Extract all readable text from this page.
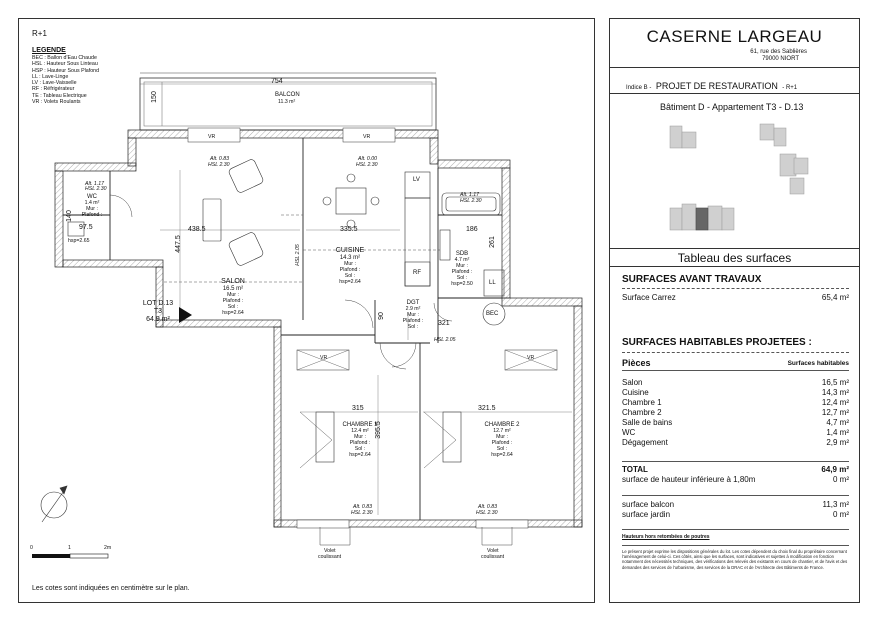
R+1
LEGENDE
BEC : Ballon d'Eau Chaude
HSL : Hauteur Sous Linteau
HSP : Hauteur Sous Plafond
LL : Lave-Linge
LV : Lave-Vaisselle
RF : Réfrigérateur
TE : Tableau Electrique
VR : Volets Roulants
754
150	BALCON
11.3 m²
VR	VR
VR	VR
Alt. 0.83
HSL 2.30
Alt. 0.00
HSL 2.30
Alt. 1.17
HSL 2.30
Alt. 1.17
HSL 2.30
Alt. 0.83
HSL 2.30
Alt. 0.83
HSL 2.30
Volet
coulissant
Volet
coulissant
HSL 2.05
HSL 2.05
438.5
447.5
335.5	186
261
97.5
140
321
90
315
395.5
321.5
SALON
16.5 m²
Mur :
Plafond :
Sol :
hsp=2.64
CUISINE
14.3 m²
Mur :
Plafond :
Sol :
hsp=2.64
WC
1.4 m²
Mur :
Plafond :
hsp=2.65
SDB
4.7 m²
Mur :
Plafond :
Sol :
hsp=2.50
DGT
2.9 m²
Mur :
Plafond :
Sol :
CHAMBRE 1
12.4 m²
Mur :
Plafond :
Sol :
hsp=2.64
CHAMBRE 2
12.7 m²
Mur :
Plafond :
Sol :
hsp=2.64
LV
RF
LL
BEC
LOT D.13
T3
64.9 m²
0	1	2m
Les cotes sont indiquées en centimètre sur le plan.
CASERNE LARGEAU
61, rue des Sablières
79000 NIORT
Indice B - PROJET DE RESTAURATION - R+1
Bâtiment D - Appartement T3 - D.13
Tableau des surfaces
SURFACES AVANT TRAVAUX
Surface Carrez	65,4 m²
SURFACES HABITABLES PROJETEES :
Pièces	Surfaces habitables
Salon	16,5 m²
Cuisine	14,3 m²
Chambre 1	12,4 m²
Chambre 2	12,7 m²
Salle de bains	4,7 m²
WC	1,4 m²
Dégagement	2,9 m²
TOTAL	64,9 m²
surface de hauteur inférieure à 1,80m	0 m²
surface balcon	11,3 m²
surface jardin	0 m²
Hauteurs hors retombées de poutres
Le présent projet exprime les dispositions générales du lot. Les cotes dépendent du choix final du propriétaire concernant l'aménagement de celui-ci. Ces côtés, ainsi que les surfaces, sont indicatives et sujettes à modification en fonction notamment des nécessités techniques, des vérifications des relevés des existants en cours de chantier, et de l'avis et des demandes des services de l'urbanisme, des services de la DRAC et de l'Architecte des Bâtiments de France.
